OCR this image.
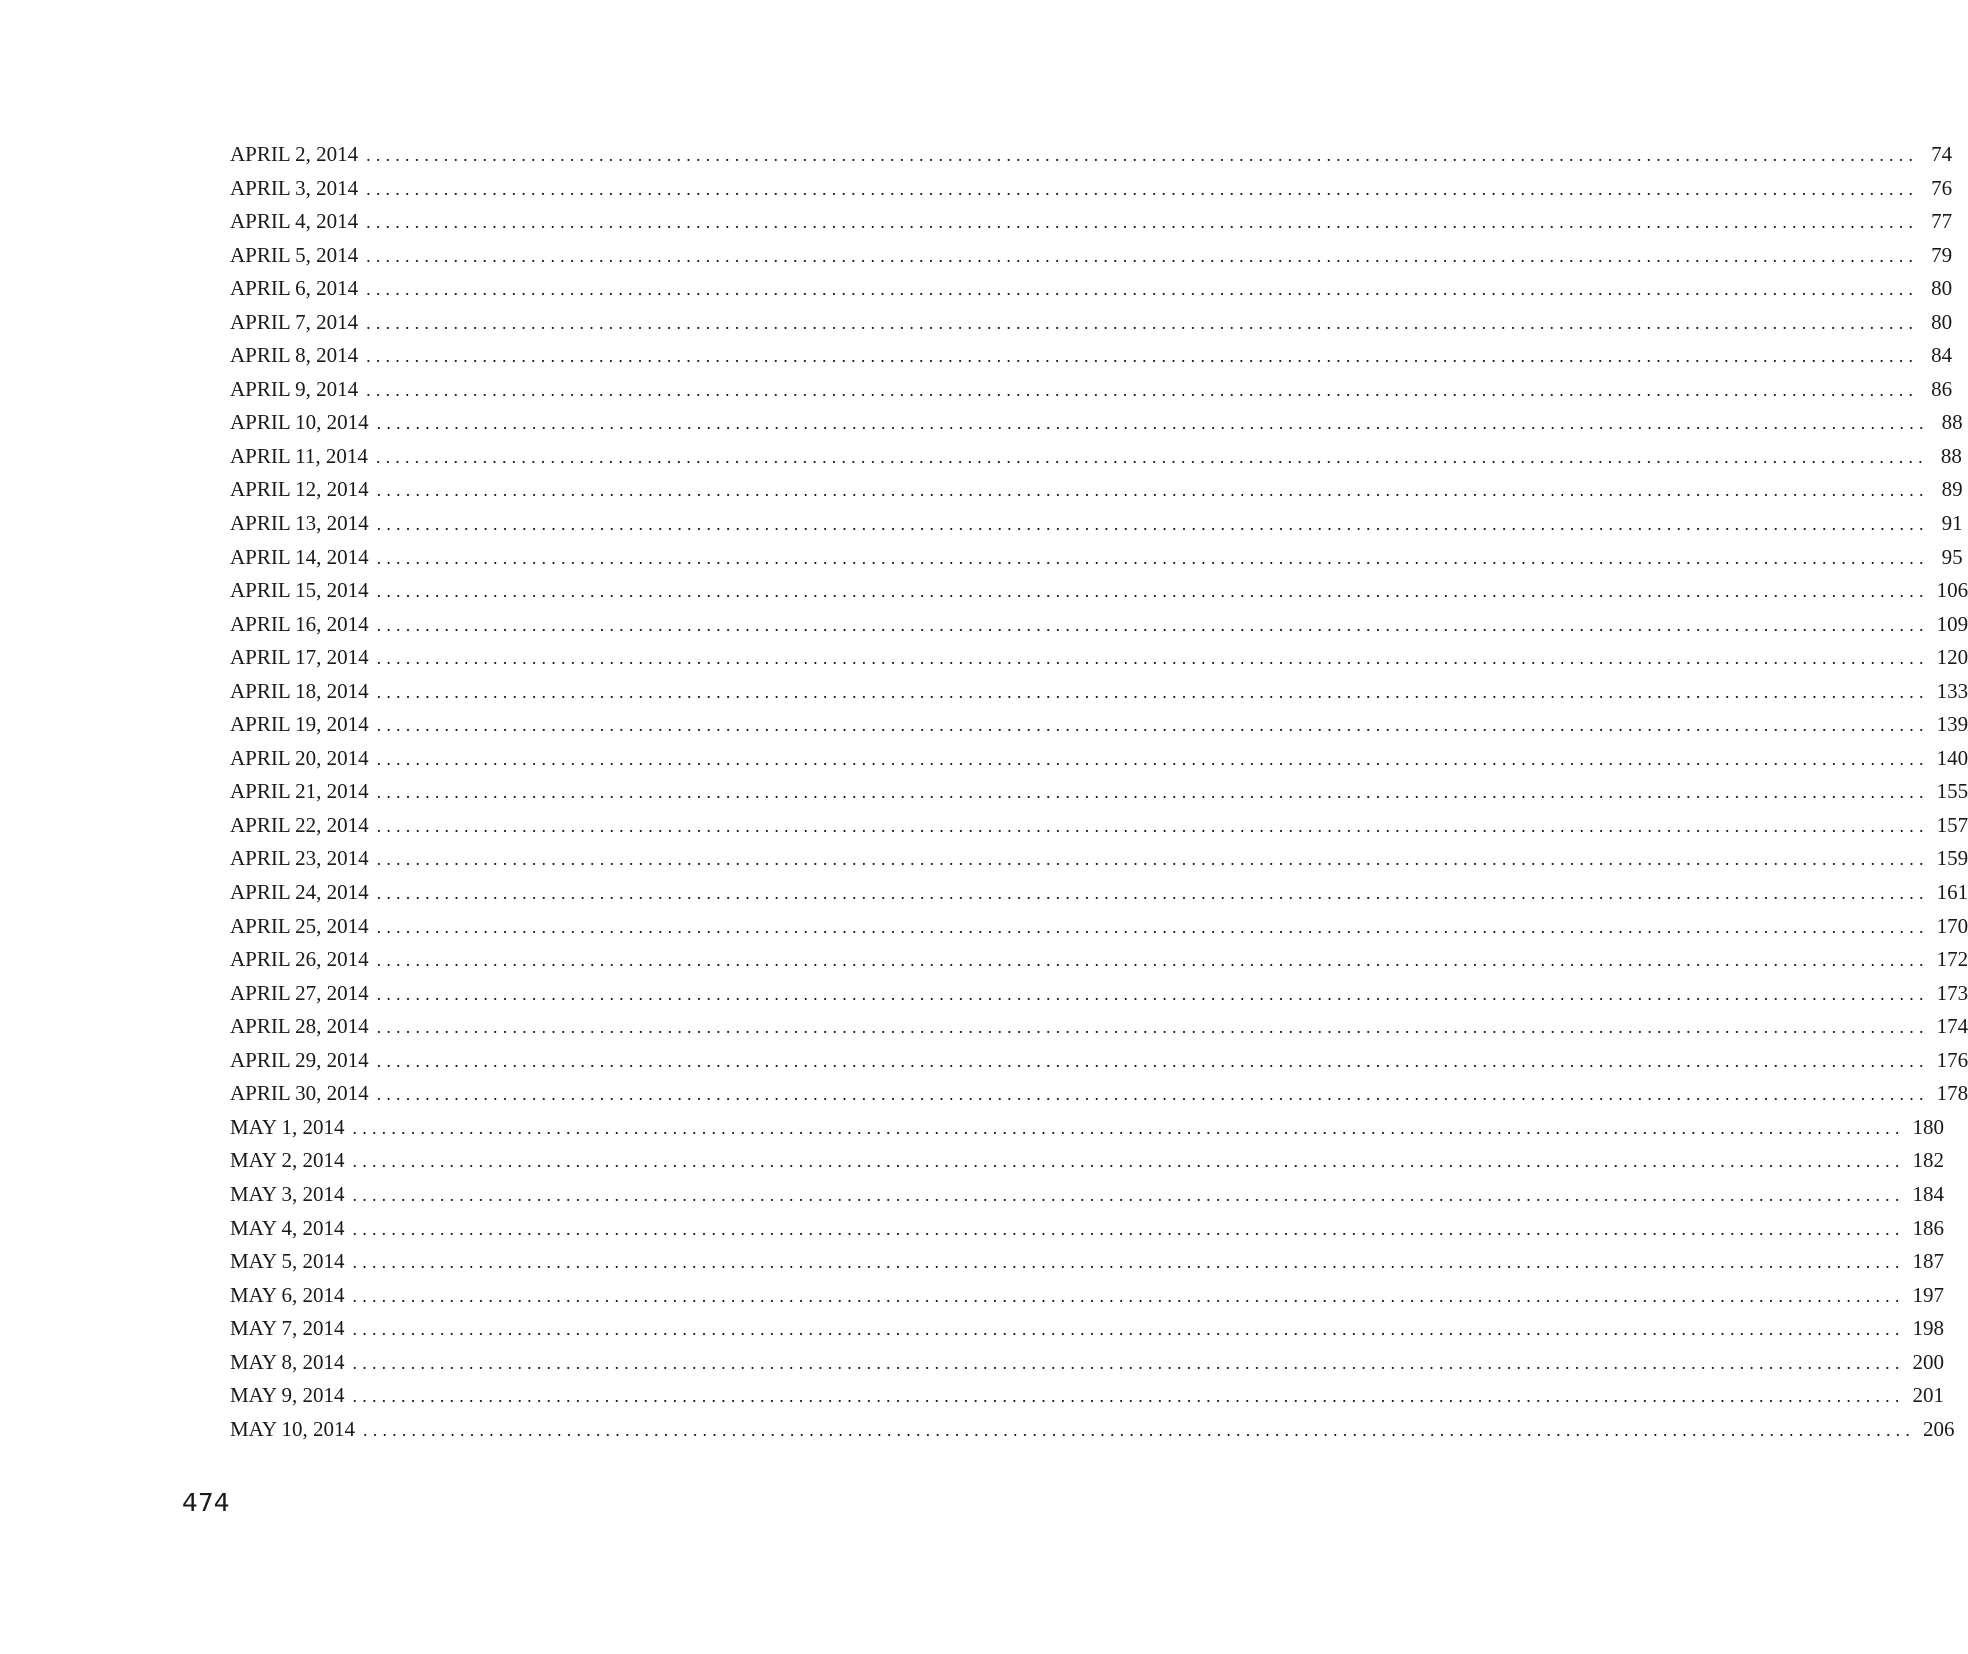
APRIL 2, 2014 ................................................................................................................................................................ 74
APRIL 3, 2014 ................................................................................................................................................................ 76
APRIL 4, 2014 ................................................................................................................................................................ 77
APRIL 5, 2014 ................................................................................................................................................................ 79
APRIL 6, 2014 ................................................................................................................................................................ 80
APRIL 7, 2014 ................................................................................................................................................................ 80
APRIL 8, 2014 ................................................................................................................................................................ 84
APRIL 9, 2014 ................................................................................................................................................................ 86
APRIL 10, 2014 ................................................................................................................................................................ 88
APRIL 11, 2014 ................................................................................................................................................................ 88
APRIL 12, 2014 ................................................................................................................................................................ 89
APRIL 13, 2014 ................................................................................................................................................................ 91
APRIL 14, 2014 ................................................................................................................................................................ 95
APRIL 15, 2014 ................................................................................................................................................................ 106
APRIL 16, 2014 ................................................................................................................................................................ 109
APRIL 17, 2014 ................................................................................................................................................................ 120
APRIL 18, 2014 ................................................................................................................................................................ 133
APRIL 19, 2014 ................................................................................................................................................................ 139
APRIL 20, 2014 ................................................................................................................................................................ 140
APRIL 21, 2014 ................................................................................................................................................................ 155
APRIL 22, 2014 ................................................................................................................................................................ 157
APRIL 23, 2014 ................................................................................................................................................................ 159
APRIL 24, 2014 ................................................................................................................................................................ 161
APRIL 25, 2014 ................................................................................................................................................................ 170
APRIL 26, 2014 ................................................................................................................................................................ 172
APRIL 27, 2014 ................................................................................................................................................................ 173
APRIL 28, 2014 ................................................................................................................................................................ 174
APRIL 29, 2014 ................................................................................................................................................................ 176
APRIL 30, 2014 ................................................................................................................................................................ 178
MAY 1, 2014 ................................................................................................................................................................ 180
MAY 2, 2014 ................................................................................................................................................................ 182
MAY 3, 2014 ................................................................................................................................................................ 184
MAY 4, 2014 ................................................................................................................................................................ 186
MAY 5, 2014 ................................................................................................................................................................ 187
MAY 6, 2014 ................................................................................................................................................................ 197
MAY 7, 2014 ................................................................................................................................................................ 198
MAY 8, 2014 ................................................................................................................................................................ 200
MAY 9, 2014 ................................................................................................................................................................ 201
MAY 10, 2014 ................................................................................................................................................................ 206
474
